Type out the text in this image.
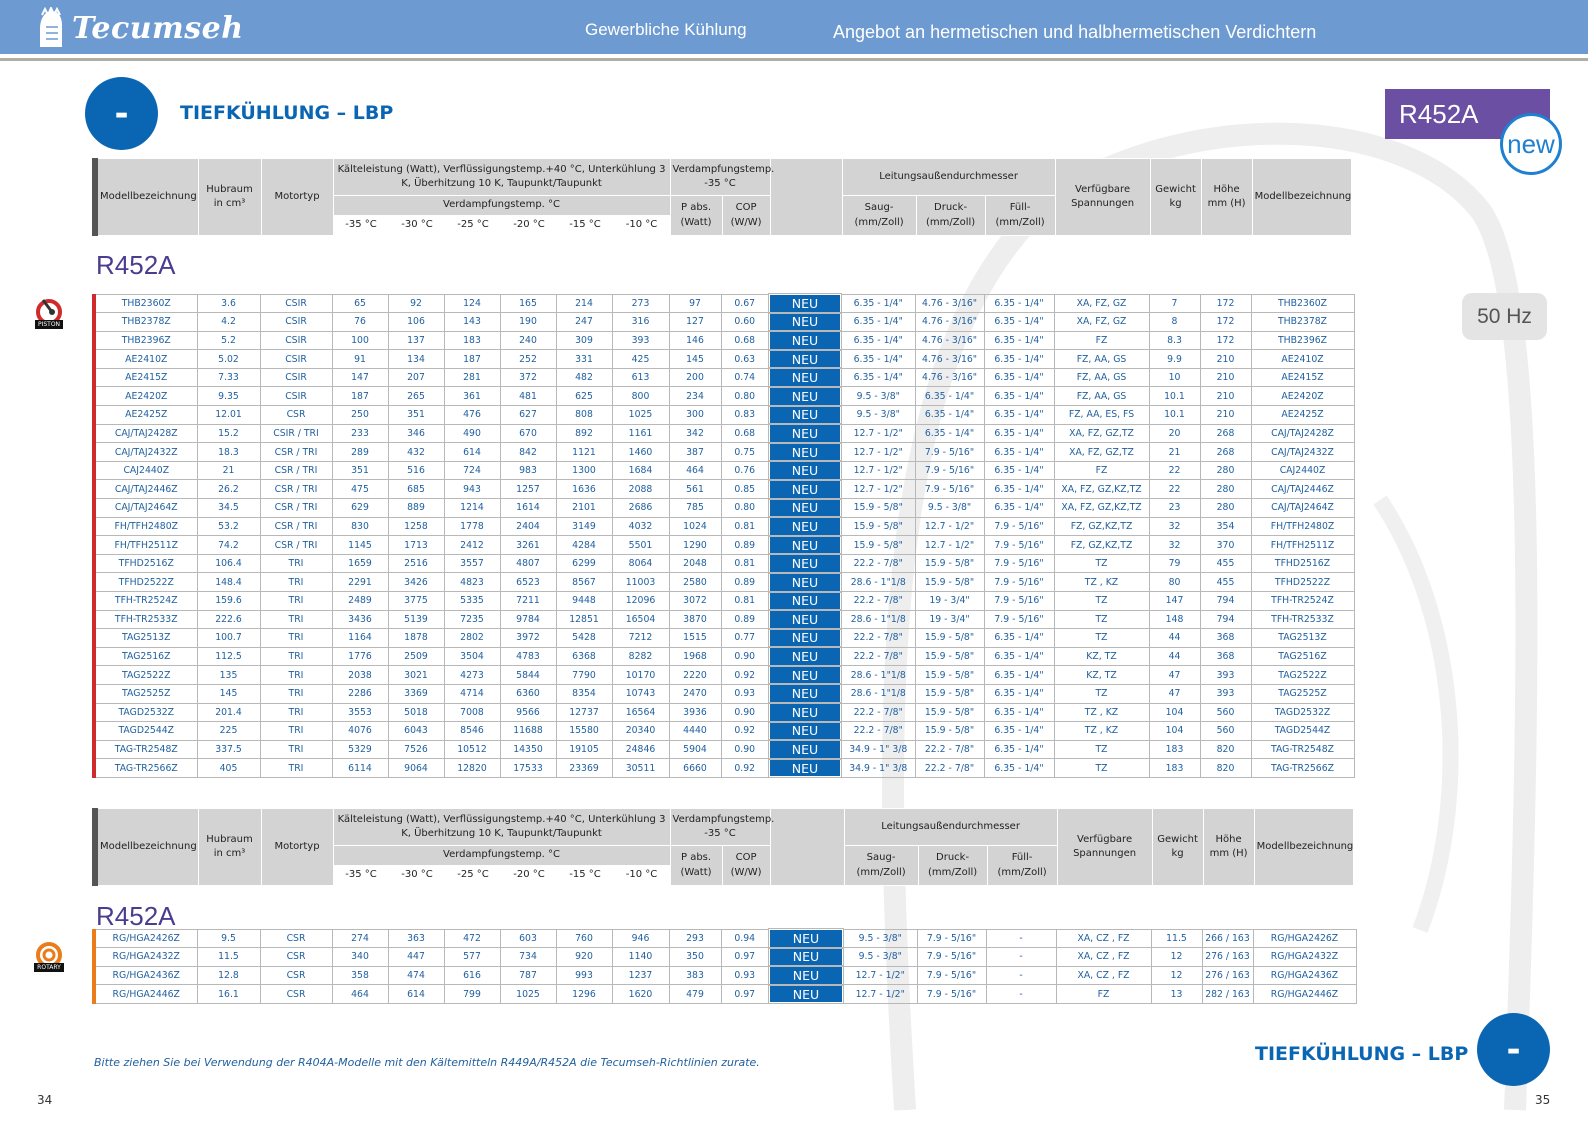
Tecumseh	Gewerbliche Kühlung	Angebot an hermetischen und halbhermetischen Verdichtern
-	TIEFKÜHLUNG – LBP	R452A
new
50 Hz
Modellbezeichnung	Hubraum in cm³	Motortyp	Kälteleistung (Watt), Verflüssigungstemp.+40 °C, Unterkühlung 3 K, Überhitzung 10 K, Taupunkt/Taupunkt						Verdampfungstemp. -35 °C			Leitungsaußendurchmesser			Verfügbare Spannungen	Gewicht kg	Höhe mm (H)	Modellbezeichnung
			Verdampfungstemp. °C						P abs. (Watt)	COP (W/W)		Saug- (mm/Zoll)	Druck- (mm/Zoll)	Füll- (mm/Zoll)				
			-35 °C	-30 °C	-25 °C	-20 °C	-15 °C	-10 °C										
R452A
PISTON
THB2360Z	3.6	CSIR	65	92	124	165	214	273	97	0.67	NEU	6.35 - 1/4"	4.76 - 3/16"	6.35 - 1/4"	XA, FZ, GZ	7	172	THB2360Z
THB2378Z	4.2	CSIR	76	106	143	190	247	316	127	0.60	NEU	6.35 - 1/4"	4.76 - 3/16"	6.35 - 1/4"	XA, FZ, GZ	8	172	THB2378Z
THB2396Z	5.2	CSIR	100	137	183	240	309	393	146	0.68	NEU	6.35 - 1/4"	4.76 - 3/16"	6.35 - 1/4"	FZ	8.3	172	THB2396Z
AE2410Z	5.02	CSIR	91	134	187	252	331	425	145	0.63	NEU	6.35 - 1/4"	4.76 - 3/16"	6.35 - 1/4"	FZ, AA, GS	9.9	210	AE2410Z
AE2415Z	7.33	CSIR	147	207	281	372	482	613	200	0.74	NEU	6.35 - 1/4"	4.76 - 3/16"	6.35 - 1/4"	FZ, AA, GS	10	210	AE2415Z
AE2420Z	9.35	CSIR	187	265	361	481	625	800	234	0.80	NEU	9.5 - 3/8"	6.35 - 1/4"	6.35 - 1/4"	FZ, AA, GS	10.1	210	AE2420Z
AE2425Z	12.01	CSR	250	351	476	627	808	1025	300	0.83	NEU	9.5 - 3/8"	6.35 - 1/4"	6.35 - 1/4"	FZ, AA, ES, FS	10.1	210	AE2425Z
CAJ/TAJ2428Z	15.2	CSIR / TRI	233	346	490	670	892	1161	342	0.68	NEU	12.7 - 1/2"	6.35 - 1/4"	6.35 - 1/4"	XA, FZ, GZ,TZ	20	268	CAJ/TAJ2428Z
CAJ/TAJ2432Z	18.3	CSR / TRI	289	432	614	842	1121	1460	387	0.75	NEU	12.7 - 1/2"	7.9 - 5/16"	6.35 - 1/4"	XA, FZ, GZ,TZ	21	268	CAJ/TAJ2432Z
CAJ2440Z	21	CSR / TRI	351	516	724	983	1300	1684	464	0.76	NEU	12.7 - 1/2"	7.9 - 5/16"	6.35 - 1/4"	FZ	22	280	CAJ2440Z
CAJ/TAJ2446Z	26.2	CSR / TRI	475	685	943	1257	1636	2088	561	0.85	NEU	12.7 - 1/2"	7.9 - 5/16"	6.35 - 1/4"	XA, FZ, GZ,KZ,TZ	22	280	CAJ/TAJ2446Z
CAJ/TAJ2464Z	34.5	CSR / TRI	629	889	1214	1614	2101	2686	785	0.80	NEU	15.9 - 5/8"	9.5 - 3/8"	6.35 - 1/4"	XA, FZ, GZ,KZ,TZ	23	280	CAJ/TAJ2464Z
FH/TFH2480Z	53.2	CSR / TRI	830	1258	1778	2404	3149	4032	1024	0.81	NEU	15.9 - 5/8"	12.7 - 1/2"	7.9 - 5/16"	FZ, GZ,KZ,TZ	32	354	FH/TFH2480Z
FH/TFH2511Z	74.2	CSR / TRI	1145	1713	2412	3261	4284	5501	1290	0.89	NEU	15.9 - 5/8"	12.7 - 1/2"	7.9 - 5/16"	FZ, GZ,KZ,TZ	32	370	FH/TFH2511Z
TFHD2516Z	106.4	TRI	1659	2516	3557	4807	6299	8064	2048	0.81	NEU	22.2 - 7/8"	15.9 - 5/8"	7.9 - 5/16"	TZ	79	455	TFHD2516Z
TFHD2522Z	148.4	TRI	2291	3426	4823	6523	8567	11003	2580	0.89	NEU	28.6 - 1"1/8	15.9 - 5/8"	7.9 - 5/16"	TZ , KZ	80	455	TFHD2522Z
TFH-TR2524Z	159.6	TRI	2489	3775	5335	7211	9448	12096	3072	0.81	NEU	22.2 - 7/8"	19 - 3/4"	7.9 - 5/16"	TZ	147	794	TFH-TR2524Z
TFH-TR2533Z	222.6	TRI	3436	5139	7235	9784	12851	16504	3870	0.89	NEU	28.6 - 1"1/8	19 - 3/4"	7.9 - 5/16"	TZ	148	794	TFH-TR2533Z
TAG2513Z	100.7	TRI	1164	1878	2802	3972	5428	7212	1515	0.77	NEU	22.2 - 7/8"	15.9 - 5/8"	6.35 - 1/4"	TZ	44	368	TAG2513Z
TAG2516Z	112.5	TRI	1776	2509	3504	4783	6368	8282	1968	0.90	NEU	22.2 - 7/8"	15.9 - 5/8"	6.35 - 1/4"	KZ, TZ	44	368	TAG2516Z
TAG2522Z	135	TRI	2038	3021	4273	5844	7790	10170	2220	0.92	NEU	28.6 - 1"1/8	15.9 - 5/8"	6.35 - 1/4"	KZ, TZ	47	393	TAG2522Z
TAG2525Z	145	TRI	2286	3369	4714	6360	8354	10743	2470	0.93	NEU	28.6 - 1"1/8	15.9 - 5/8"	6.35 - 1/4"	TZ	47	393	TAG2525Z
TAGD2532Z	201.4	TRI	3553	5018	7008	9566	12737	16564	3936	0.90	NEU	22.2 - 7/8"	15.9 - 5/8"	6.35 - 1/4"	TZ , KZ	104	560	TAGD2532Z
TAGD2544Z	225	TRI	4076	6043	8546	11688	15580	20340	4440	0.92	NEU	22.2 - 7/8"	15.9 - 5/8"	6.35 - 1/4"	TZ , KZ	104	560	TAGD2544Z
TAG-TR2548Z	337.5	TRI	5329	7526	10512	14350	19105	24846	5904	0.90	NEU	34.9 - 1" 3/8	22.2 - 7/8"	6.35 - 1/4"	TZ	183	820	TAG-TR2548Z
TAG-TR2566Z	405	TRI	6114	9064	12820	17533	23369	30511	6660	0.92	NEU	34.9 - 1" 3/8	22.2 - 7/8"	6.35 - 1/4"	TZ	183	820	TAG-TR2566Z
Modellbezeichnung	Hubraum in cm³	Motortyp	Kälteleistung (Watt), Verflüssigungstemp.+40 °C, Unterkühlung 3 K, Überhitzung 10 K, Taupunkt/Taupunkt						Verdampfungstemp. -35 °C			Leitungsaußendurchmesser			Verfügbare Spannungen	Gewicht kg	Höhe mm (H)	Modellbezeichnung
			Verdampfungstemp. °C						P abs. (Watt)	COP (W/W)		Saug- (mm/Zoll)	Druck- (mm/Zoll)	Füll- (mm/Zoll)				
			-35 °C	-30 °C	-25 °C	-20 °C	-15 °C	-10 °C										
R452A
ROTARY
RG/HGA2426Z	9.5	CSR	274	363	472	603	760	946	293	0.94	NEU	9.5 - 3/8"	7.9 - 5/16"	-	XA, CZ , FZ	11.5	266 / 163	RG/HGA2426Z
RG/HGA2432Z	11.5	CSR	340	447	577	734	920	1140	350	0.97	NEU	9.5 - 3/8"	7.9 - 5/16"	-	XA, CZ , FZ	12	276 / 163	RG/HGA2432Z
RG/HGA2436Z	12.8	CSR	358	474	616	787	993	1237	383	0.93	NEU	12.7 - 1/2"	7.9 - 5/16"	-	XA, CZ , FZ	12	276 / 163	RG/HGA2436Z
RG/HGA2446Z	16.1	CSR	464	614	799	1025	1296	1620	479	0.97	NEU	12.7 - 1/2"	7.9 - 5/16"	-	FZ	13	282 / 163	RG/HGA2446Z
-
TIEFKÜHLUNG – LBP
Bitte ziehen Sie bei Verwendung der R404A-Modelle mit den Kältemitteln R449A/R452A die Tecumseh-Richtlinien zurate.
34	35
